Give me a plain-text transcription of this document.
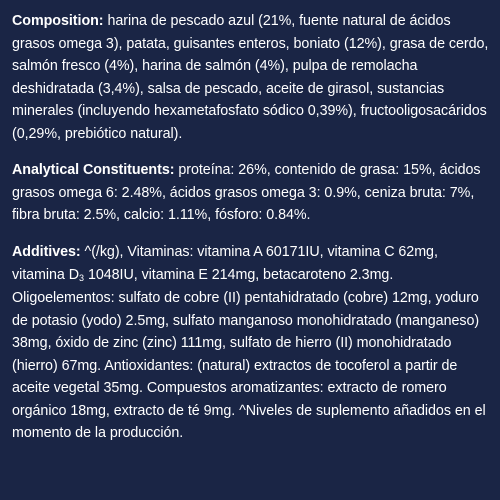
Composition: harina de pescado azul (21%, fuente natural de ácidos grasos omega 3), patata, guisantes enteros, boniato (12%), grasa de cerdo, salmón fresco (4%), harina de salmón (4%), pulpa de remolacha deshidratada (3,4%), salsa de pescado, aceite de girasol, sustancias minerales (incluyendo hexametafosfato sódico 0,39%), fructooligosacáridos (0,29%, prebiótico natural).

Analytical Constituents: proteína: 26%, contenido de grasa: 15%, ácidos grasos omega 6: 2.48%, ácidos grasos omega 3: 0.9%, ceniza bruta: 7%, fibra bruta: 2.5%, calcio: 1.11%, fósforo: 0.84%.

Additives: ^(/kg), Vitaminas: vitamina A 60171IU, vitamina C 62mg, vitamina $D_3$ 1048IU, vitamina E 214mg, betacaroteno 2.3mg. Oligoelementos: sulfato de cobre (II) pentahidratado (cobre) 12mg, yoduro de potasio (yodo) 2.5mg, sulfato manganoso monohidratado (manganeso) 38mg, óxido de zinc (zinc) 111mg, sulfato de hierro (II) monohidratado (hierro) 67mg. Antioxidantes: (natural) extractos de tocoferol a partir de aceite vegetal 35mg. Compuestos aromatizantes: extracto de romero orgánico 18mg, extracto de té 9mg. ^Niveles de suplemento añadidos en el momento de la producción.
